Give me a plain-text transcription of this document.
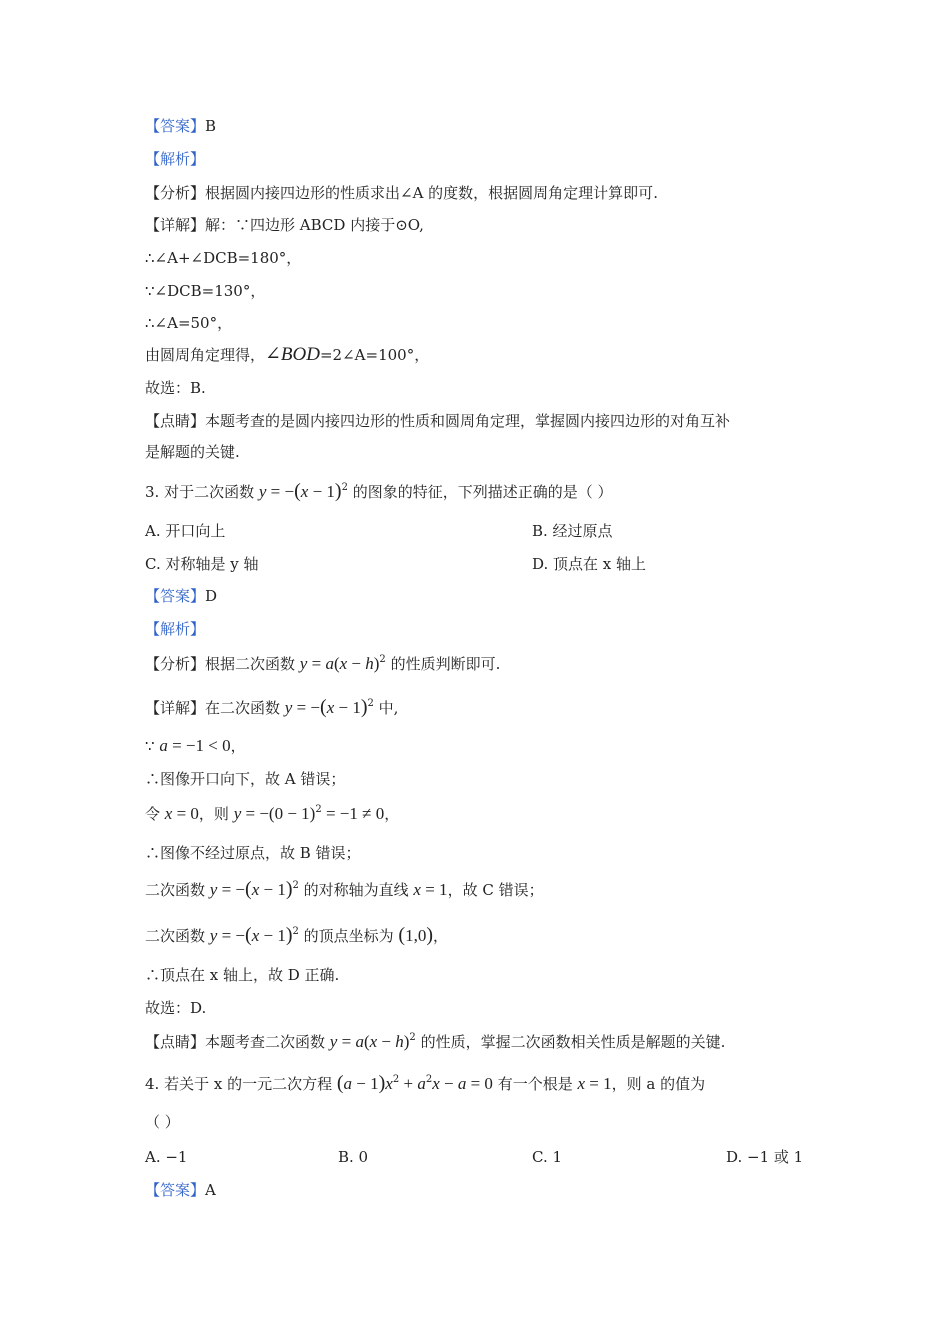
【答案】B
【解析】
【分析】根据圆内接四边形的性质求出∠A 的度数，根据圆周角定理计算即可.
【详解】解：∵四边形 ABCD 内接于⊙O,
∴∠A+∠DCB=180°，
∵∠DCB=130°，
∴∠A=50°，
由圆周角定理得，∠BOD=2∠A=100°，
故选：B.
【点睛】本题考查的是圆内接四边形的性质和圆周角定理，掌握圆内接四边形的对角互补
是解题的关键.
3. 对于二次函数 $y = -(x - 1)^2$ 的图象的特征，下列描述正确的是（ ）
A. 开口向上	B. 经过原点
C. 对称轴是 y 轴	D. 顶点在 x 轴上
【答案】D
【解析】
【分析】根据二次函数 $y = a(x - h)^2$ 的性质判断即可.
【详解】在二次函数 $y = -(x - 1)^2$ 中,
∵ a = −1 < 0，
∴图像开口向下，故 A 错误；
令 x = 0，则 $y = -(0 - 1)^2 = -1 \ne 0$，
∴图像不经过原点，故 B 错误；
二次函数 $y = -(x - 1)^2$ 的对称轴为直线 x = 1，故 C 错误；
二次函数 $y = -(x - 1)^2$ 的顶点坐标为 (1,0)，
∴顶点在 x 轴上，故 D 正确.
故选：D.
【点睛】本题考查二次函数 $y = a(x - h)^2$ 的性质，掌握二次函数相关性质是解题的关键.
4. 若关于 x 的一元二次方程 $(a - 1)x^2 + a^2x - a = 0$ 有一个根是 x = 1，则 a 的值为
（ ）
A. −1	B. 0	C. 1	D. −1 或 1
【答案】A
